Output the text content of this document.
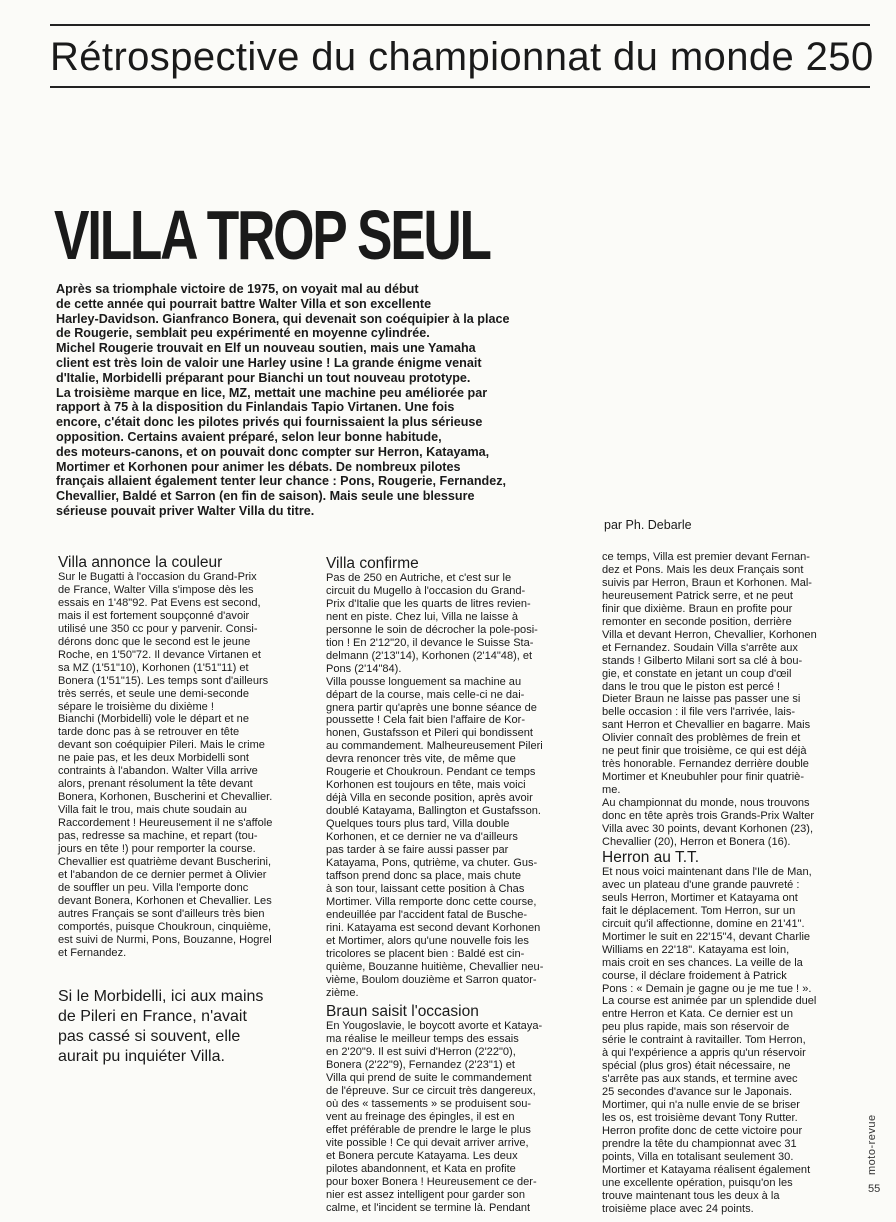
Rétrospective du championnat du monde 250
VILLA TROP SEUL

Après sa triomphale victoire de 1975, on voyait mal au début

de cette année qui pourrait battre Walter Villa et son excellente

Harley-Davidson. Gianfranco Bonera, qui devenait son coéquipier à la place

de Rougerie, semblait peu expérimenté en moyenne cylindrée.

Michel Rougerie trouvait en Elf un nouveau soutien, mais une Yamaha

client est très loin de valoir une Harley usine ! La grande énigme venait

d'Italie, Morbidelli préparant pour Bianchi un tout nouveau prototype.

La troisième marque en lice, MZ, mettait une machine peu améliorée par

rapport à 75 à la disposition du Finlandais Tapio Virtanen. Une fois

encore, c'était donc les pilotes privés qui fournissaient la plus sérieuse

opposition. Certains avaient préparé, selon leur bonne habitude,

des moteurs-canons, et on pouvait donc compter sur Herron, Katayama,

Mortimer et Korhonen pour animer les débats. De nombreux pilotes

français allaient également tenter leur chance : Pons, Rougerie, Fernandez,

Chevallier, Baldé et Sarron (en fin de saison). Mais seule une blessure

sérieuse pouvait priver Walter Villa du titre.

par Ph. Debarle
Villa annonce la couleur

Sur le Bugatti à l'occasion du Grand-Prix

de France, Walter Villa s'impose dès les

essais en 1'48"92. Pat Evens est second,

mais il est fortement soupçonné d'avoir

utilisé une 350 cc pour y parvenir. Consi-

dérons donc que le second est le jeune

Roche, en 1'50"72. Il devance Virtanen et

sa MZ (1'51"10), Korhonen (1'51"11) et

Bonera (1'51"15). Les temps sont d'ailleurs

très serrés, et seule une demi-seconde

sépare le troisième du dixième !

Bianchi (Morbidelli) vole le départ et ne

tarde donc pas à se retrouver en tête

devant son coéquipier Pileri. Mais le crime

ne paie pas, et les deux Morbidelli sont

contraints à l'abandon. Walter Villa arrive

alors, prenant résolument la tête devant

Bonera, Korhonen, Buscherini et Chevallier.

Villa fait le trou, mais chute soudain au

Raccordement ! Heureusement il ne s'affole

pas, redresse sa machine, et repart (tou-

jours en tête !) pour remporter la course.

Chevallier est quatrième devant Buscherini,

et l'abandon de ce dernier permet à Olivier

de souffler un peu. Villa l'emporte donc

devant Bonera, Korhonen et Chevallier. Les

autres Français se sont d'ailleurs très bien

comportés, puisque Choukroun, cinquième,

est suivi de Nurmi, Pons, Bouzanne, Hogrel

et Fernandez.

Si le Morbidelli, ici aux mains

de Pileri en France, n'avait

pas cassé si souvent, elle

aurait pu inquiéter Villa.

Villa confirme

Pas de 250 en Autriche, et c'est sur le

circuit du Mugello à l'occasion du Grand-

Prix d'Italie que les quarts de litres revien-

nent en piste. Chez lui, Villa ne laisse à

personne le soin de décrocher la pole-posi-

tion ! En 2'12"20, il devance le Suisse Sta-

delmann (2'13"14), Korhonen (2'14"48), et

Pons (2'14"84).

Villa pousse longuement sa machine au

départ de la course, mais celle-ci ne dai-

gnera partir qu'après une bonne séance de

poussette ! Cela fait bien l'affaire de Kor-

honen, Gustafsson et Pileri qui bondissent

au commandement. Malheureusement Pileri

devra renoncer très vite, de même que

Rougerie et Choukroun. Pendant ce temps

Korhonen est toujours en tête, mais voici

déjà Villa en seconde position, après avoir

doublé Katayama, Ballington et Gustafsson.

Quelques tours plus tard, Villa double

Korhonen, et ce dernier ne va d'ailleurs

pas tarder à se faire aussi passer par

Katayama, Pons, qutrième, va chuter. Gus-

taffson prend donc sa place, mais chute

à son tour, laissant cette position à Chas

Mortimer. Villa remporte donc cette course,

endeuillée par l'accident fatal de Busche-

rini. Katayama est second devant Korhonen

et Mortimer, alors qu'une nouvelle fois les

tricolores se placent bien : Baldé est cin-

quième, Bouzanne huitième, Chevallier neu-

vième, Boulom douzième et Sarron quator-

zième.

Braun saisit l'occasion

En Yougoslavie, le boycott avorte et Kataya-

ma réalise le meilleur temps des essais

en 2'20"9. Il est suivi d'Herron (2'22"0),

Bonera (2'22"9), Fernandez (2'23"1) et

Villa qui prend de suite le commandement

de l'épreuve. Sur ce circuit très dangereux,

où des « tassements » se produisent sou-

vent au freinage des épingles, il est en

effet préférable de prendre le large le plus

vite possible ! Ce qui devait arriver arrive,

et Bonera percute Katayama. Les deux

pilotes abandonnent, et Kata en profite

pour boxer Bonera ! Heureusement ce der-

nier est assez intelligent pour garder son

calme, et l'incident se termine là. Pendant

ce temps, Villa est premier devant Fernan-

dez et Pons. Mais les deux Français sont

suivis par Herron, Braun et Korhonen. Mal-

heureusement Patrick serre, et ne peut

finir que dixième. Braun en profite pour

remonter en seconde position, derrière

Villa et devant Herron, Chevallier, Korhonen

et Fernandez. Soudain Villa s'arrête aux

stands ! Gilberto Milani sort sa clé à bou-

gie, et constate en jetant un coup d'œil

dans le trou que le piston est percé !

Dieter Braun ne laisse pas passer une si

belle occasion : il file vers l'arrivée, lais-

sant Herron et Chevallier en bagarre. Mais

Olivier connaît des problèmes de frein et

ne peut finir que troisième, ce qui est déjà

très honorable. Fernandez derrière double

Mortimer et Kneubuhler pour finir quatriè-

me.

Au championnat du monde, nous trouvons

donc en tête après trois Grands-Prix Walter

Villa avec 30 points, devant Korhonen (23),

Chevallier (20), Herron et Bonera (16).

Herron au T.T.

Et nous voici maintenant dans l'Ile de Man,

avec un plateau d'une grande pauvreté :

seuls Herron, Mortimer et Katayama ont

fait le déplacement. Tom Herron, sur un

circuit qu'il affectionne, domine en 21'41".

Mortimer le suit en 22'15"4, devant Charlie

Williams en 22'18". Katayama est loin,

mais croit en ses chances. La veille de la

course, il déclare froidement à Patrick

Pons : « Demain je gagne ou je me tue ! ».

La course est animée par un splendide duel

entre Herron et Kata. Ce dernier est un

peu plus rapide, mais son réservoir de

série le contraint à ravitailler. Tom Herron,

à qui l'expérience a appris qu'un réservoir

spécial (plus gros) était nécessaire, ne

s'arrête pas aux stands, et termine avec

25 secondes d'avance sur le Japonais.

Mortimer, qui n'a nulle envie de se briser

les os, est troisième devant Tony Rutter.

Herron profite donc de cette victoire pour

prendre la tête du championnat avec 31

points, Villa en totalisant seulement 30.

Mortimer et Katayama réalisent également

une excellente opération, puisqu'on les

trouve maintenant tous les deux à la

troisième place avec 24 points.

moto-revue
55
